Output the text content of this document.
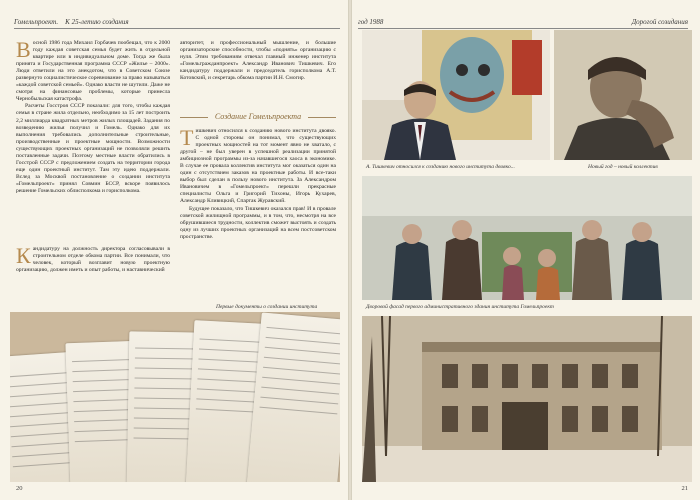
Гомельпроект. К 25-летию создания
В осной 1986 года Михаил Горбачев пообещал, что к 2000 году каждая советская семья будет жить в отдельной квартире или в индивидуальном доме. Тогда же была принята и Государственная программа СССР «Жилье – 2000». Люди ответили на это анекдотом, что в Советском Союзе развернуто социалистическое соревнование за право называться «каждой советской семьей». Однако власти не шутили. Даже не смотря на финансовые проблемы, которые принесла Чернобыльская катастрофа.

Расчеты Госстроя СССР показали: для того, чтобы каждая семья в стране жила отдельно, необходимо за 15 лет построить 2,2 миллиарда квадратных метров жилых площадей. Задания по возведению жилья получил и Гомель. Однако для их выполнения требовались дополнительные строительные, производственные и проектные мощности. Возможности существующих проектных организаций не позволяли решить поставленные задачи. Поэтому местные власти обратились в Госстрой СССР с предложением создать на территории города еще один проектный институт. Там эту идею поддержали. Вслед за Москвой постановление о создании института «Гомельпроект» принял Совмин БССР, вскоре появилось решение Гомельских облисполкома и горисполкома.

К андидатуру на должность директора согласовывали в строительном отделе обкома партии. Все понимали, что человек, который возглавит новую проектную организацию, должен иметь и опыт работы, и наставнический

авторитет, и профессиональный мышление, и большие организаторские способности, чтобы «поднять» организацию с нуля. Этим требованиям отвечал главный инженер института «Гомельгражданпроект» Александр Иванович Тишкевич. Его кандидатуру поддержали и председатель горисполкома А.Т. Котовский, и секретарь обкома партии И.Н. Смогир.

Создание Гомельпроекта
Т ишкевич относился к созданию нового института двояко. С одной стороны он понимал, что существующих проектных мощностей на тот момент явно не хватало, с другой – не был уверен в успешной реализации принятой амбициозной программы из-за начавшегося хаоса в экономике. В случае ее провала коллектив института мог оказаться один на один с отсутствием заказов на проектные работы. И все-таки выбор был сделан в пользу нового института. За Александром Ивановичем в «Гомельпроект» перешли прекрасные специалисты Ольга и Григорий Тихоны, Игорь Кухарев, Александр Кливицкий, Спартак Журавский.

Будущее показало, что Тишкевич оказался прав! И в провале советской жилищной программы, и в том, что, несмотря на все обрушившиеся трудности, коллектив сможет выстоять и создать одну из лучших проектных организаций на всем постсоветском пространстве.

Первые документы о создании института
20
год 1988	Дорогой созидания
А. Тишкевич относился к созданию нового института двояко...	Новый год – новый коллектив
Дворовой фасад первого административного здания института Гомельпроект
21
